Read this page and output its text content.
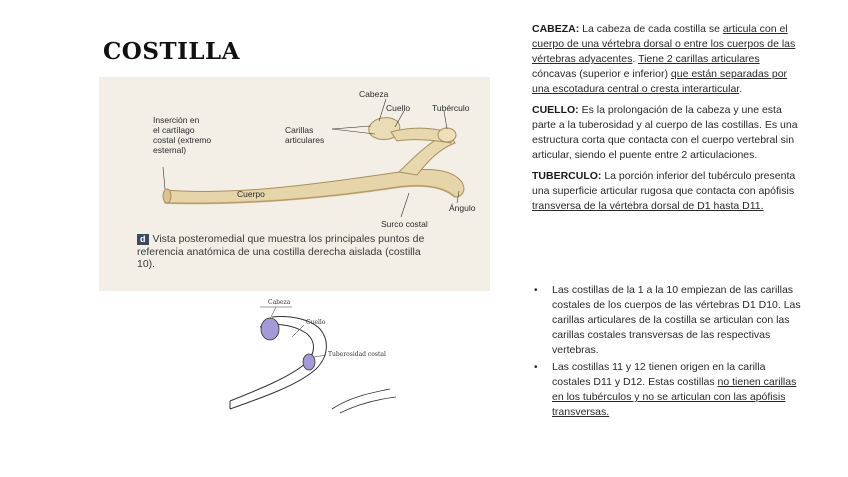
COSTILLA
Cabeza
Cuello	Tubérculo
Inserción en
el cartílago
costal (extremo
esternal)
Carillas
articulares
Cuerpo
Ángulo
Surco costal
d Vista posteromedial que muestra los principales puntos de referencia anatómica de una costilla derecha aislada (costilla 10).
Cabeza
Cuello
Tuberosidad costal

CABEZA: La cabeza de cada costilla se articula con el cuerpo de una vértebra dorsal o entre los cuerpos de las vértebras adyacentes. Tiene 2 carillas articulares cóncavas (superior e inferior) que están separadas por una escotadura central o cresta interarticular.

CUELLO: Es la prolongación de la cabeza y une esta parte a la tuberosidad y al cuerpo de las costillas. Es una estructura corta que contacta con el cuerpo vertebral sin articular, siendo el puente entre 2 articulaciones.

TUBERCULO: La porción inferior del tubérculo presenta una superficie articular rugosa que contacta con apófisis transversa de la vértebra dorsal de D1 hasta D11.

• Las costillas de la 1 a la 10 empiezan de las carillas costales de los cuerpos de las vértebras D1 D10. Las carillas articulares de la costilla se articulan con las carillas costales transversas de las respectivas vertebras.
• Las costillas 11 y 12 tienen origen en la carilla costales D11 y D12. Estas costillas no tienen carillas en los tubérculos y no se articulan con las apófisis transversas.
